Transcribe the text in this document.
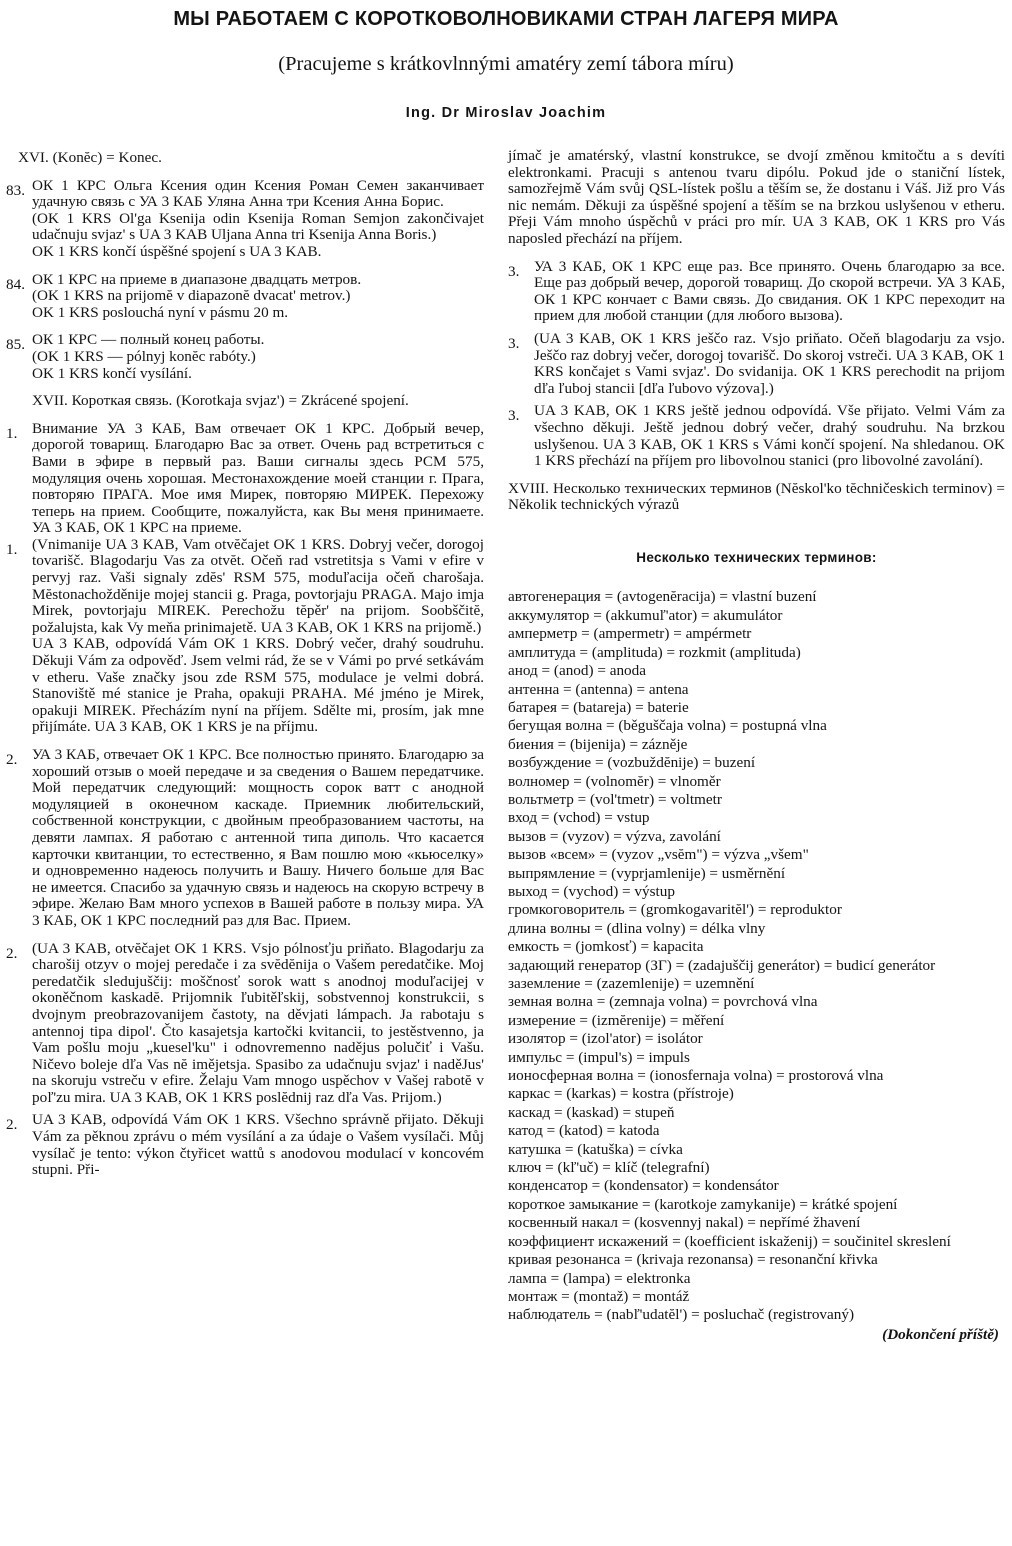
МЫ РАБОТАЕМ С КОРОТКОВОЛНОВИКАМИ СТРАН ЛАГЕРЯ МИРА
(Pracujeme s krátkovlnnými amatéry zemí tábora míru)
Ing. Dr Miroslav Joachim

XVI. (Konĕc) = Konec.

83. ОК 1 КРС Ольга Ксения один Ксения Роман Семен заканчивает удачную связь с УА 3 КАБ Уляна Анна три Ксения Анна Борис.

(OK 1 KRS Ol'ga Ksenija odin Ksenija Roman Semjon zakončivajet udačnuju svjaz' s UA 3 KAB Uljana Anna tri Ksenija Anna Boris.)

OK 1 KRS končí úspěšné spojení s UA 3 KAB.

84. ОК 1 КРС на приеме в диапазоне двадцать метров.

(OK 1 KRS na prijomĕ v diapazonĕ dvacat' metrov.)

OK 1 KRS poslouchá nyní v pásmu 20 m.

85. ОК 1 КРС — полный конец работы.

(OK 1 KRS — pólnyj konĕc rabóty.)

OK 1 KRS končí vysílání.

XVII. Короткая связь. (Korotkaja svjaz') = Zkrácené spojení.

1. Внимание УА 3 КАБ, Вам отвечает ОК 1 КРС. Добрый вечер, дорогой товарищ. Благодарю Вас за ответ. Очень рад встретиться с Вами в эфире в первый раз. Ваши сигналы здесь РСМ 575, модуляция очень хорошая. Местонахождение моей станции г. Прага, повторяю ПРАГА. Мое имя Мирек, повторяю МИРЕК. Перехожу теперь на прием. Сообщите, пожалуйста, как Вы меня принимаете. УА 3 КАБ, ОК 1 КРС на приеме.

1. (Vnimanije UA 3 KAB, Vam otvĕčajet OK 1 KRS. Dobryj večer, dorogoj tovarišč. Blagodarju Vas za otvĕt. Očeň rad vstretitsja s Vami v efire v pervyj raz. Vaši signaly zdĕs' RSM 575, moduľacija očeň charošaja. Mĕstonachožděnije mojej stancii g. Praga, povtorjaju PRAGA. Majo imja Mirek, povtorjaju MIREK. Perechožu tĕpěr' na prijom. Soobščitĕ, požalujsta, kak Vy meňa prinimajetě. UA 3 KAB, OK 1 KRS na prijomě.)

UA 3 KAB, odpovídá Vám OK 1 KRS. Dobrý večer, drahý soudruhu. Děkuji Vám za odpověď. Jsem velmi rád, že se v Vámi po prvé setkávám v etheru. Vaše značky jsou zde RSM 575, modulace je velmi dobrá. Stanoviště mé stanice je Praha, opakuji PRAHA. Mé jméno je Mirek, opakuji MIREK. Přecházím nyní na příjem. Sdělte mi, prosím, jak mne přijímáte. UA 3 KAB, OK 1 KRS je na příjmu.

2. УА 3 КАБ, отвечает ОК 1 КРС. Все полностью принято. Благодарю за хороший отзыв о моей передаче и за сведения о Вашем передатчике. Мой передатчик следующий: мощность сорок ватт с анодной модуляцией в оконечном каскаде. Приемник любительский, собственной конструкции, с двойным преобразованием частоты, на девяти лампах. Я работаю с антенной типа диполь. Что касается карточки квитанции, то естественно, я Вам пошлю мою «кьюселку» и одновременно надеюсь получить и Вашу. Ничего больше для Вас не имеется. Спасибо за удачную связь и надеюсь на скорую встречу в эфире. Желаю Вам много успехов в Вашей работе в пользу мира. УА 3 КАБ, ОК 1 КРС последний раз для Вас. Прием.

2. (UA 3 KAB, otvĕčajet OK 1 KRS. Vsjo pólnosťju priňato. Blagodarju za charošij otzyv o mojej peredače i za svĕdĕnija o Vašem peredatčike. Moj peredatčik sledujuščij: moščnosť sorok watt s anodnoj moduľacijej v okoněčnom kaskadĕ. Prijomnik ľubitěľskij, sobstvennoj konstrukcii, s dvojnym preobrazovanijem častoty, na děvjati lámpach. Ja rabotaju s antennoj tipa dipol'. Čto kasajetsja kartočki kvitancii, to jestěstvenno, ja Vam pošlu moju „kuesel'ku" i odnovremenno nadějus polučiť i Vašu. Ničevo boleje dľa Vas nĕ imějetsja. Spasibo za udačnuju svjaz' i naděJus' na skoruju vstreču v efire. Želaju Vam mnogo uspěchov v Vašej rabotĕ v poľ'zu mira. UA 3 KAB, OK 1 KRS poslĕdnij raz dľa Vas. Prijom.)

2. UA 3 KAB, odpovídá Vám OK 1 KRS. Všechno správně přijato. Děkuji Vám za pěknou zprávu o mém vysílání a za údaje o Vašem vysílači. Můj vysílač je tento: výkon čtyřicet wattů s anodovou modulací v koncovém stupni. Při-

jímač je amatérský, vlastní konstrukce, se dvojí změnou kmitočtu a s devíti elektronkami. Pracuji s antenou tvaru dipólu. Pokud jde o staniční lístek, samozřejmě Vám svůj QSL-lístek pošlu a těším se, že dostanu i Váš. Již pro Vás nic nemám. Děkuji za úspěšné spojení a těším se na brzkou uslyšenou v etheru. Přeji Vám mnoho úspěchů v práci pro mír. UA 3 KAB, OK 1 KRS pro Vás naposled přechází na příjem.

3. УА 3 КАБ, ОК 1 КРС еще раз. Все принято. Очень благодарю за все. Еще раз добрый вечер, дорогой товарищ. До скорой встречи. УА 3 КАБ, ОК 1 КРС кончает с Вами связь. До свидания. ОК 1 КРС переходит на прием для любой станции (для любого вызова).

3. (UA 3 KAB, OK 1 KRS ješčo raz. Vsjo priňato. Očeň blagodarju za vsjo. Ješčo raz dobryj večer, dorogoj tovarišč. Do skoroj vstreči. UA 3 KAB, OK 1 KRS končajet s Vami svjaz'. Do svidanija. OK 1 KRS perechodit na prijom dľa ľuboj stancii [dľa ľubovo výzova].)

3. UA 3 KAB, OK 1 KRS ještě jednou odpovídá. Vše přijato. Velmi Vám za všechno děkuji. Ještě jednou dobrý večer, drahý soudruhu. Na brzkou uslyšenou. UA 3 KAB, OK 1 KRS s Vámi končí spojení. Na shledanou. OK 1 KRS přechází na příjem pro libovolnou stanici (pro libovolné zavolání).

XVIII. Несколько технических терминов (Nĕskol'ko tĕchničeskich terminov) = Několik technických výrazů

Несколько технических терминов:

автогенерация = (avtogenĕracija) = vlastní buzení

аккумулятор = (akkumuľ'ator) = akumulátor

амперметр = (ampermetr) = ampérmetr

амплитуда = (amplituda) = rozkmit (amplituda)

анод = (anod) = anoda

антенна = (antenna) = antena

батарея = (batareja) = baterie

бегущая волна = (běguščaja volna) = postupná vlna

биения = (bijenija) = zázněje

возбуждение = (vozbuždĕnije) = buzení

волномер = (volnomĕr) = vlnoměr

вольтметр = (vol'tmetr) = voltmetr

вход = (vchod) = vstup

вызов = (vyzov) = výzva, zavolání

вызов «всем» = (vyzov „vsĕm") = výzva „všem"

выпрямление = (vyprjamlenije) = usměrnění

выход = (vychod) = výstup

громкоговоритель = (gromkogavaritĕl') = reproduktor

длина волны = (dlina volny) = délka vlny

емкость = (jomkosť) = kapacita

задающий генератор (ЗГ) = (zadajuščij generátor) = budicí generátor

заземление = (zazemlenije) = uzemnění

земная волна = (zemnaja volna) = povrchová vlna

измерение = (izmĕrenije) = měření

изолятор = (izol'ator) = isolátor

импульс = (impul's) = impuls

ионосферная волна = (ionosfernaja volna) = prostorová vlna

каркас = (karkas) = kostra (přístroje)

каскад = (kaskad) = stupeň

катод = (katod) = katoda

катушка = (katuška) = cívka

ключ = (kľ'uč) = klíč (telegrafní)

конденсатор = (kondensator) = kondensátor

короткое замыкание = (karotkoje zamykanije) = krátké spojení

косвенный накал = (kosvennyj nakal) = nepřímé žhavení

коэффициент искажений = (koefficient iskaženij) = součinitel skreslení

кривая резонанса = (krivaja rezonansa) = resonanční křivka

лампа = (lampa) = elektronka

монтаж = (montaž) = montáž

наблюдатель = (nabľ'udatĕl') = posluchač (registrovaný)

(Dokončení příště)
